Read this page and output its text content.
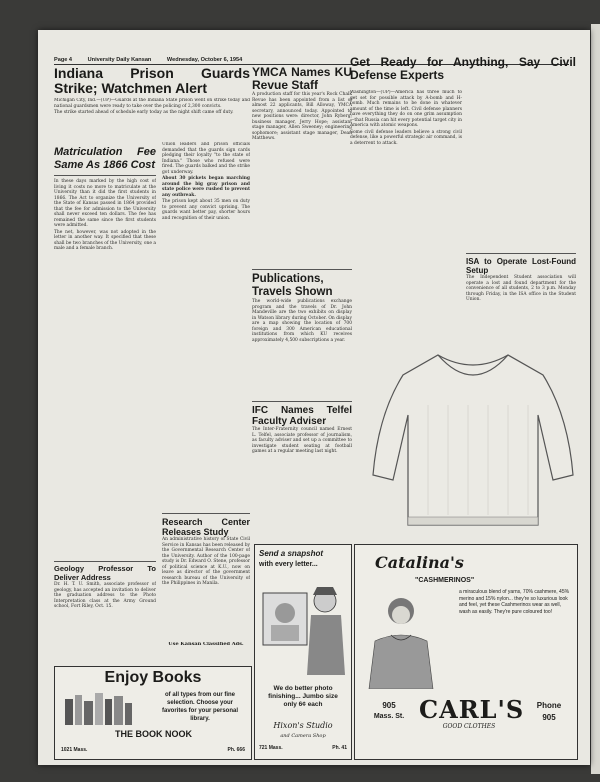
Page 4	University Daily Kansan	Wednesday, October 6, 1954

Indiana Prison Guards Strike; Watchmen Alert

Michigan City, Ind.—(UP)—Guards at the Indiana State prison went on strike today and national guardsmen were ready to take over the policing of 2,300 convicts.

The strike started ahead of schedule early today as the night shift came off duty.

Union leaders and prison officials demanded that the guards sign cards pledging their loyalty "to the state of Indiana." Those who refused were fired. The guards balked and the strike got underway.

About 30 pickets began marching around the big gray prison and state police were rushed to prevent any outbreak.

The prison kept about 35 men on duty to prevent any convict uprising. The guards want better pay, shorter hours and recognition of their union.

Matriculation Fee Same As 1866 Cost

In these days marked by the high cost of living it costs no more to matriculate at the University than it did the first students in 1866. The Act to organize the University of the State of Kansas passed in 1864 provided that the fee for admission to the University shall never exceed ten dollars. The fee has remained the same since the first students were admitted.

The net, however, was not adopted in the letter in another way. It specified that these shall be two branches of the University, one a male and a female branch.

Geology Professor To Deliver Address

Dr. H. T. U. Smith, associate professor of geology, has accepted an invitation to deliver the graduation address to the Photo Interpretation class at the Army Ground school, Fort Riley, Oct. 15.

Research Center Releases Study

An administrative history of State Civil Service in Kansas has been released by the Governmental Research Center of the University. Author of the 100-page study is Dr. Edward O. Stene, professor of political science at K.U., now on leave as director of the government research bureau of the University of the Philippines in Manila.

Use Kansan Classified Ads.

YMCA Names KU Revue Staff

A production staff for this year's Rock Chalk Revue has been appointed from a list of almost 22 applicants, Bill Alloway, YMCA secretary, announced today. Appointed to new positions were: director, John Ryberg; business manager, Jerry Hope; assistant stage manager, Allen Sweeney; engineering sophomore; assistant stage manager, Dean Matthews.

Publications, Travels Shown

The world-wide publications exchange program and the travels of Dr. John Mandeville are the two exhibits on display in Watson library during October. On display are a map showing the location of 700 foreign and 300 American educational institutions from which KU receives approximately 4,500 subscriptions a year.

IFC Names Telfel Faculty Adviser

The Inter-Fraternity council named Ernest L. Telfel, associate professor of journalism, as faculty adviser and set up a committee to investigate student seating at football games at a regular meeting last night.

Get Ready for Anything, Say Civil Defense Experts

Washington—(UP)—America has three much to get set for possible attack by A-bomb and H-bomb. Much remains to be done in whatever amount of the time is left. Civil defense planners have everything they do on one grim assumption—that Russia can hit every potential target city in America with atomic weapons.

Some civil defense leaders believe a strong civil defense, like a powerful strategic air command, is a deterrent to attack.

ISA to Operate Lost-Found Setup

The Independent Student association will operate a lost and found department for the convenience of all students, 2 to 3 p.m. Monday through Friday, in the ISA office in the Student Union.

Enjoy Books
of all types from our fine selection. Choose your favorites for your personal library.
THE BOOK NOOK
1021 Mass.	Ph. 666
Send a snapshot
with every letter...
We do better photo finishing... Jumbo size only 6¢ each
Hixon's Studio
and Camera Shop
721 Mass.	Ph. 41
Catalina's
"CASHMERINOS"
a miraculous blend of yarns, 70% cashmere, 45% merino and 15% nylon... they're so luxurious look and feel, yet these Cashmerinos wear as well, wash as easily. They're pure coloured too!
905
Mass. St. CARL'S
GOOD CLOTHES
Phone
905
